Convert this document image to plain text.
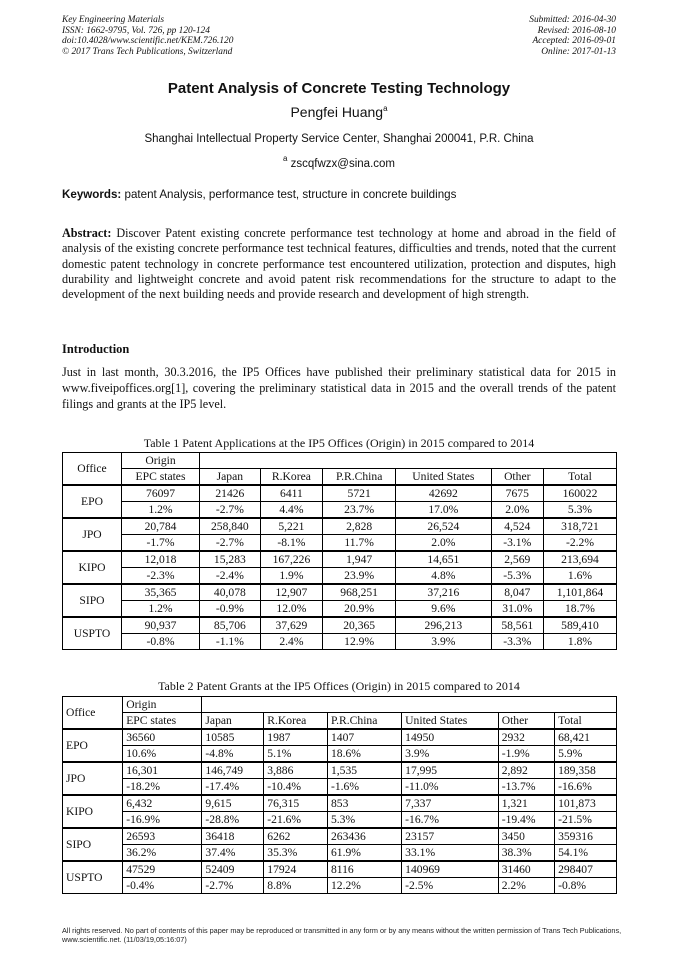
Key Engineering Materials
ISSN: 1662-9795, Vol. 726, pp 120-124
doi:10.4028/www.scientific.net/KEM.726.120
© 2017 Trans Tech Publications, Switzerland
Submitted: 2016-04-30
Revised: 2016-08-10
Accepted: 2016-09-01
Online: 2017-01-13
Patent Analysis of Concrete Testing Technology
Pengfei Huang$^a$
Shanghai Intellectual Property Service Center, Shanghai 200041, P.R. China
$^a$ zscqfwzx@sina.com
Keywords: patent Analysis, performance test, structure in concrete buildings
Abstract: Discover Patent existing concrete performance test technology at home and abroad in the field of analysis of the existing concrete performance test technical features, difficulties and trends, noted that the current domestic patent technology in concrete performance test encountered utilization, protection and disputes, high durability and lightweight concrete and avoid patent risk recommendations for the structure to adapt to the development of the next building needs and provide research and development of high strength.
Introduction
Just in last month, 30.3.2016, the IP5 Offices have published their preliminary statistical data for 2015 in www.fiveipoffices.org[1], covering the preliminary statistical data in 2015 and the overall trends of the patent filings and grants at the IP5 level.
Table 1 Patent Applications at the IP5 Offices (Origin) in 2015 compared to 2014
Office	Origin						
	EPC states	Japan	R.Korea	P.R.China	United States	Other	Total
EPO	76097	21426	6411	5721	42692	7675	160022
	1.2%	-2.7%	4.4%	23.7%	17.0%	2.0%	5.3%
JPO	20,784	258,840	5,221	2,828	26,524	4,524	318,721
	-1.7%	-2.7%	-8.1%	11.7%	2.0%	-3.1%	-2.2%
KIPO	12,018	15,283	167,226	1,947	14,651	2,569	213,694
	-2.3%	-2.4%	1.9%	23.9%	4.8%	-5.3%	1.6%
SIPO	35,365	40,078	12,907	968,251	37,216	8,047	1,101,864
	1.2%	-0.9%	12.0%	20.9%	9.6%	31.0%	18.7%
USPTO	90,937	85,706	37,629	20,365	296,213	58,561	589,410
	-0.8%	-1.1%	2.4%	12.9%	3.9%	-3.3%	1.8%
Table 2 Patent Grants at the IP5 Offices (Origin) in 2015 compared to 2014
Office	Origin						
	EPC states	Japan	R.Korea	P.R.China	United States	Other	Total
EPO	36560	10585	1987	1407	14950	2932	68,421
	10.6%	-4.8%	5.1%	18.6%	3.9%	-1.9%	5.9%
JPO	16,301	146,749	3,886	1,535	17,995	2,892	189,358
	-18.2%	-17.4%	-10.4%	-1.6%	-11.0%	-13.7%	-16.6%
KIPO	6,432	9,615	76,315	853	7,337	1,321	101,873
	-16.9%	-28.8%	-21.6%	5.3%	-16.7%	-19.4%	-21.5%
SIPO	26593	36418	6262	263436	23157	3450	359316
	36.2%	37.4%	35.3%	61.9%	33.1%	38.3%	54.1%
USPTO	47529	52409	17924	8116	140969	31460	298407
	-0.4%	-2.7%	8.8%	12.2%	-2.5%	2.2%	-0.8%
All rights reserved. No part of contents of this paper may be reproduced or transmitted in any form or by any means without the written permission of Trans Tech Publications, www.scientific.net. (11/03/19,05:16:07)
